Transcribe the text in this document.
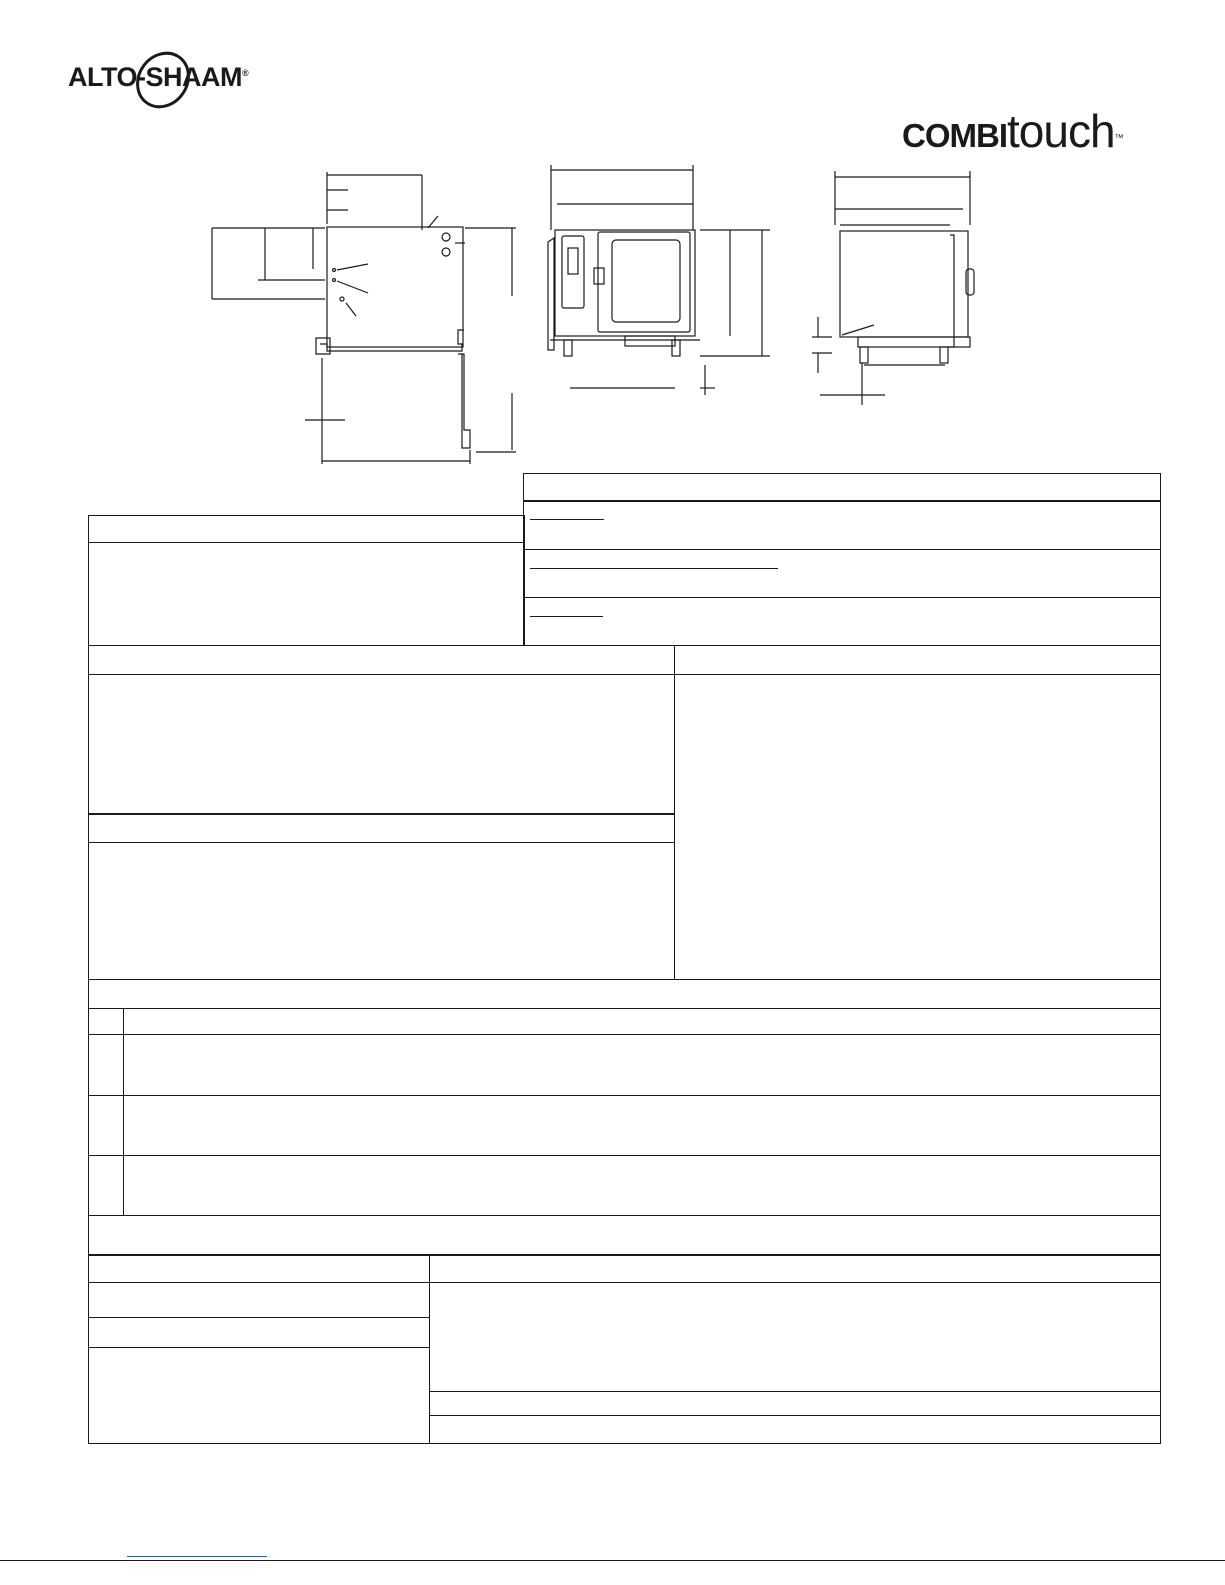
ALTO-SHAAM®
COMBItouch™
